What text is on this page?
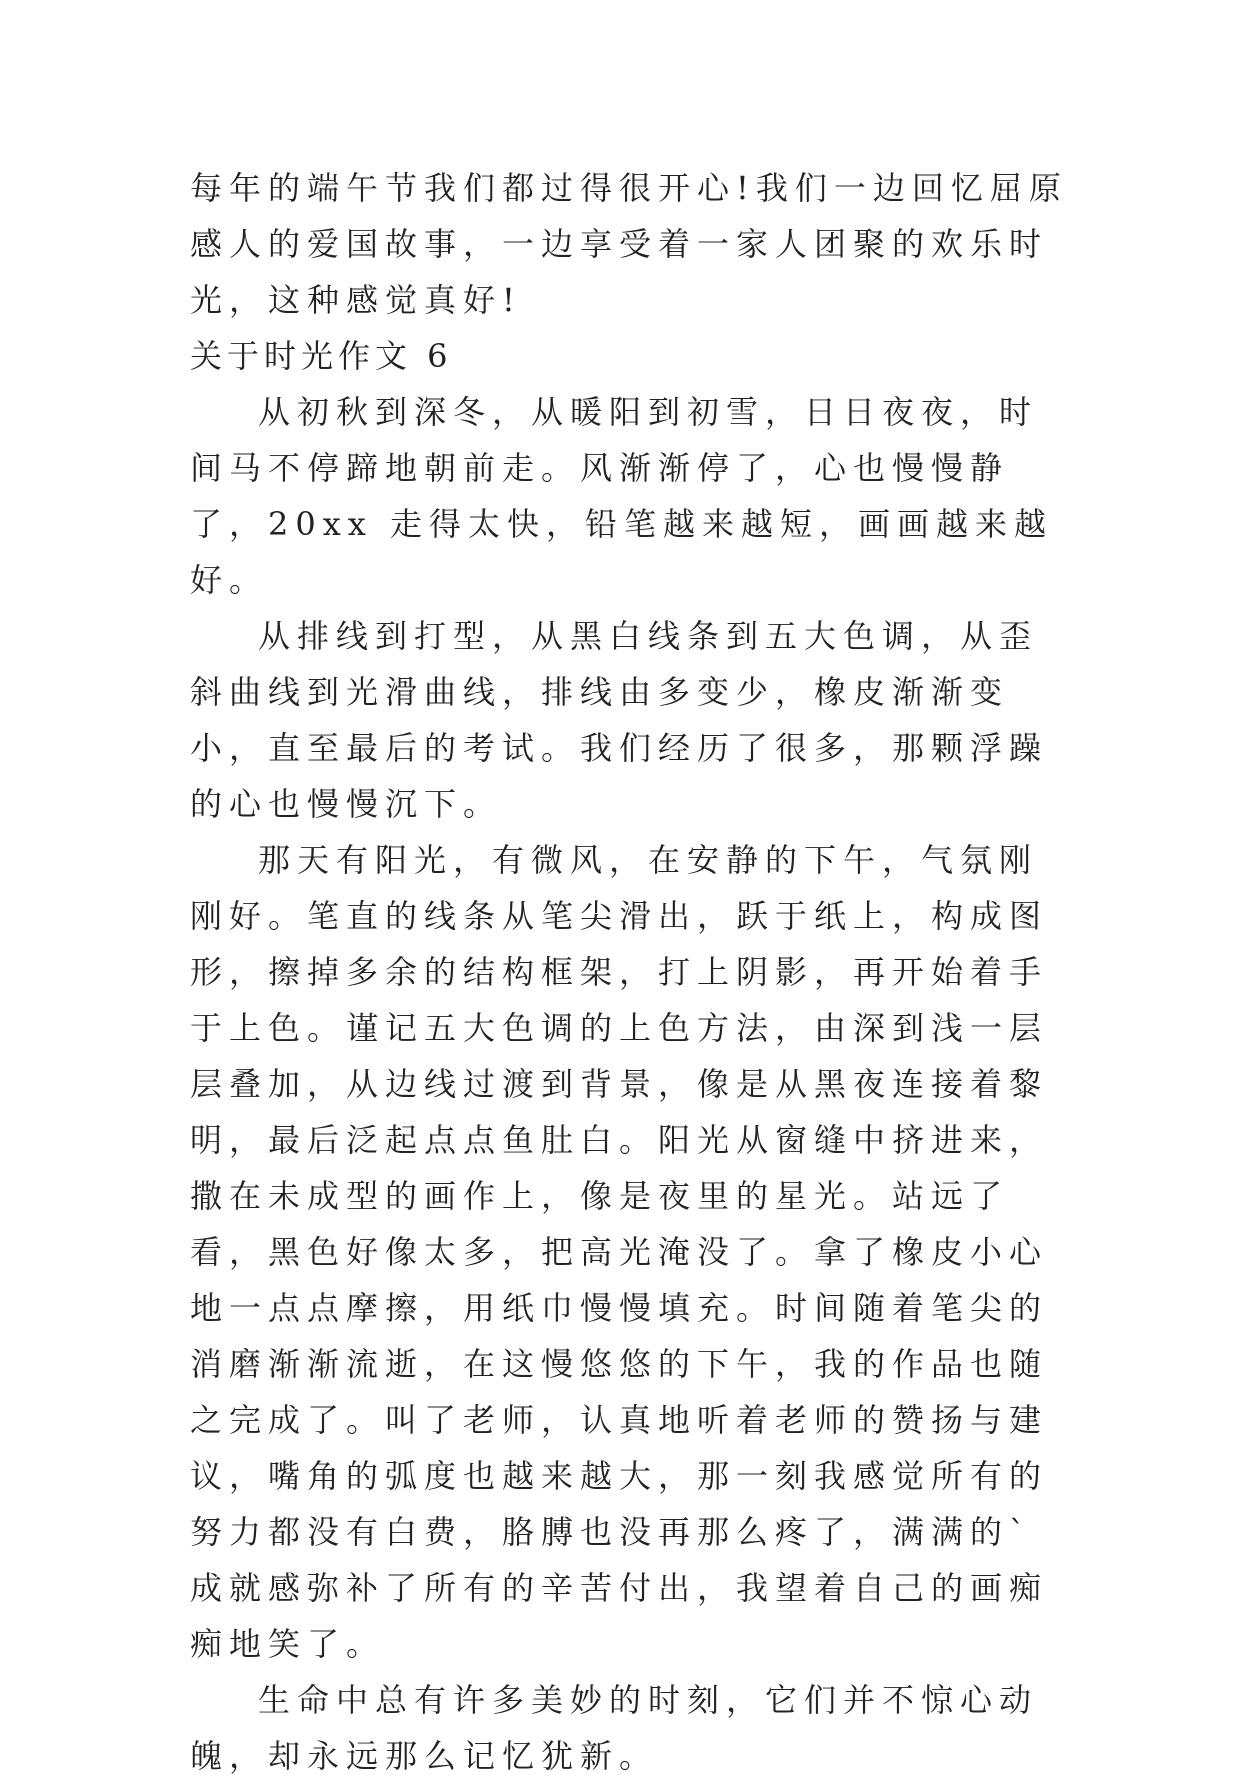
每年的端午节我们都过得很开心!我们一边回忆屈原感人的爱国故事，一边享受着一家人团聚的欢乐时光，这种感觉真好!

关于时光作文 6

从初秋到深冬，从暖阳到初雪，日日夜夜，时间马不停蹄地朝前走。风渐渐停了，心也慢慢静了，20xx 走得太快，铅笔越来越短，画画越来越好。

从排线到打型，从黑白线条到五大色调，从歪斜曲线到光滑曲线，排线由多变少，橡皮渐渐变小，直至最后的考试。我们经历了很多，那颗浮躁的心也慢慢沉下。

那天有阳光，有微风，在安静的下午，气氛刚刚好。笔直的线条从笔尖滑出，跃于纸上，构成图形，擦掉多余的结构框架，打上阴影，再开始着手于上色。谨记五大色调的上色方法，由深到浅一层层叠加，从边线过渡到背景，像是从黑夜连接着黎明，最后泛起点点鱼肚白。阳光从窗缝中挤进来，撒在未成型的画作上，像是夜里的星光。站远了看，黑色好像太多，把高光淹没了。拿了橡皮小心地一点点摩擦，用纸巾慢慢填充。时间随着笔尖的消磨渐渐流逝，在这慢悠悠的下午，我的作品也随之完成了。叫了老师，认真地听着老师的赞扬与建议，嘴角的弧度也越来越大，那一刻我感觉所有的努力都没有白费，胳膊也没再那么疼了，满满的`成就感弥补了所有的辛苦付出，我望着自己的画痴痴地笑了。

生命中总有许多美妙的时刻，它们并不惊心动魄，却永远那么记忆犹新。
